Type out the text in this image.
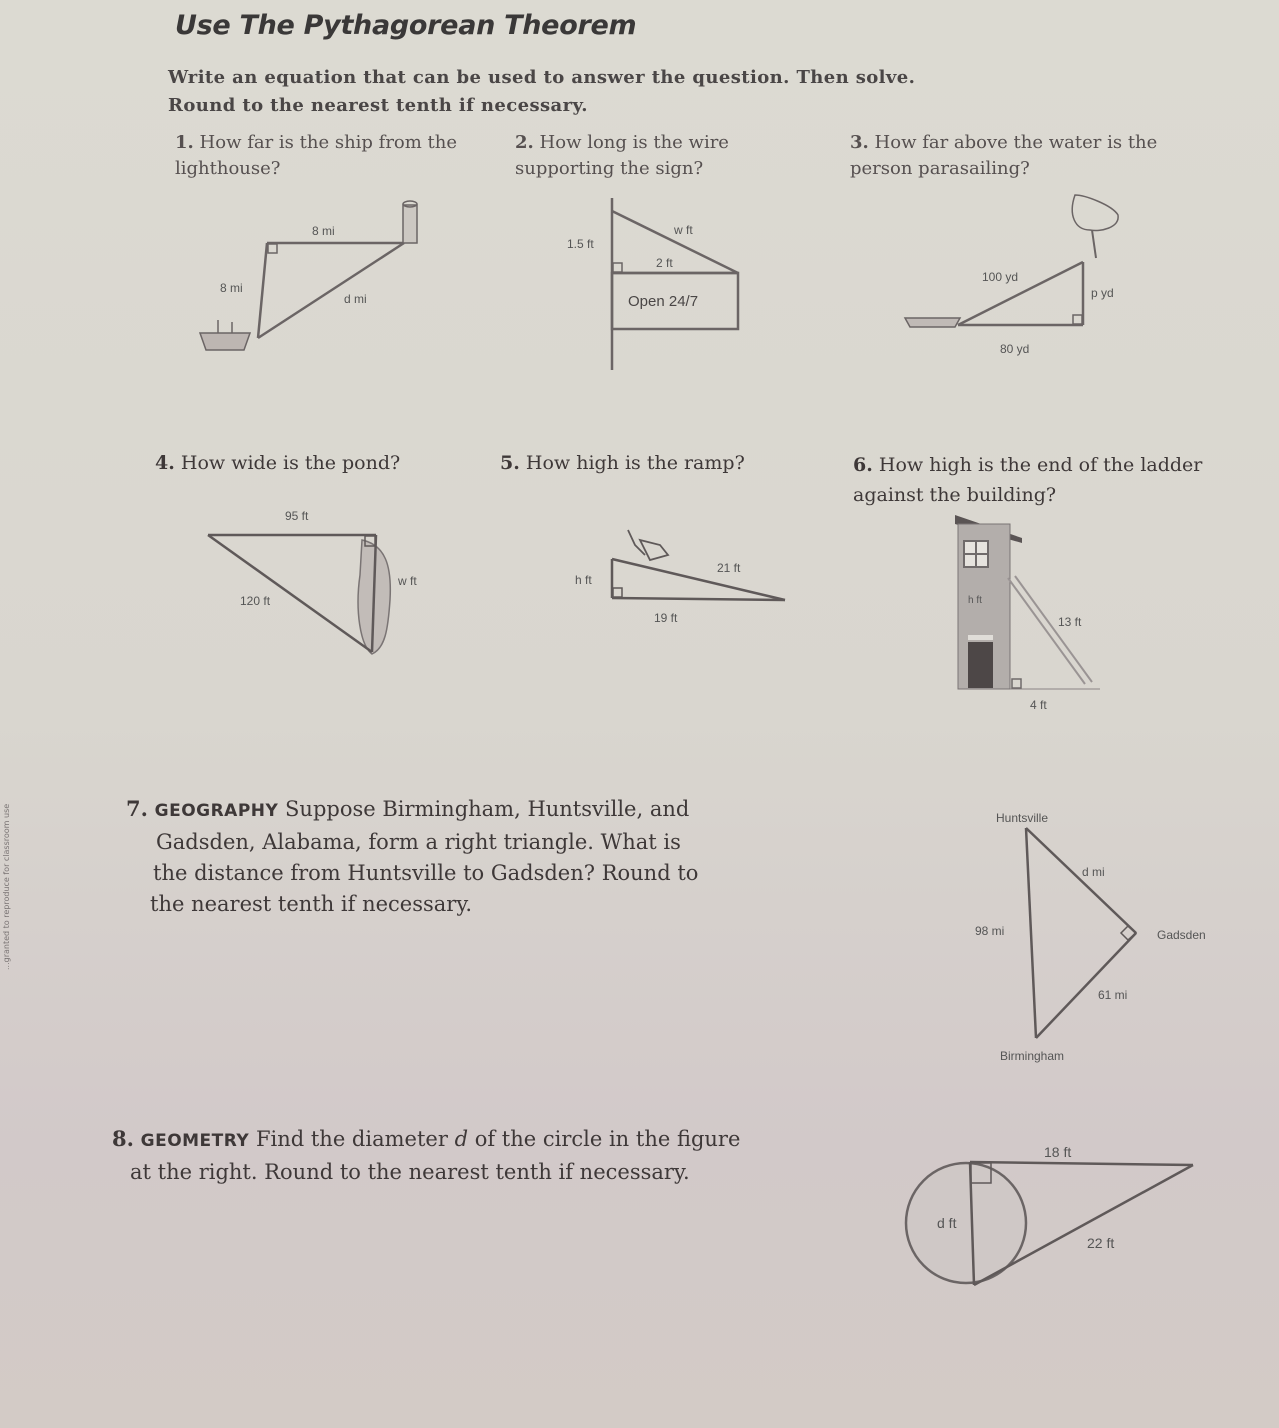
Use The Pythagorean Theorem
Write an equation that can be used to answer the question. Then solve. Round to the nearest tenth if necessary.
...granted to reproduce for classroom use
1. How far is the ship from the lighthouse?
8 mi
8 mi
d mi
2. How long is the wire supporting the sign?
1.5 ft
2 ft
w ft
Open 24/7
3. How far above the water is the person parasailing?
100 yd
p yd
80 yd
4. How wide is the pond?
95 ft
120 ft
w ft
5. How high is the ramp?
21 ft
h ft
19 ft
6. How high is the end of the ladder against the building?
h ft
13 ft
4 ft
7. GEOGRAPHY Suppose Birmingham, Huntsville, and
Gadsden, Alabama, form a right triangle. What is
the distance from Huntsville to Gadsden? Round to
the nearest tenth if necessary.
Huntsville
Gadsden
Birmingham
98 mi
d mi
61 mi
8. GEOMETRY Find the diameter d of the circle in the figure
at the right. Round to the nearest tenth if necessary.
18 ft
d ft
22 ft
